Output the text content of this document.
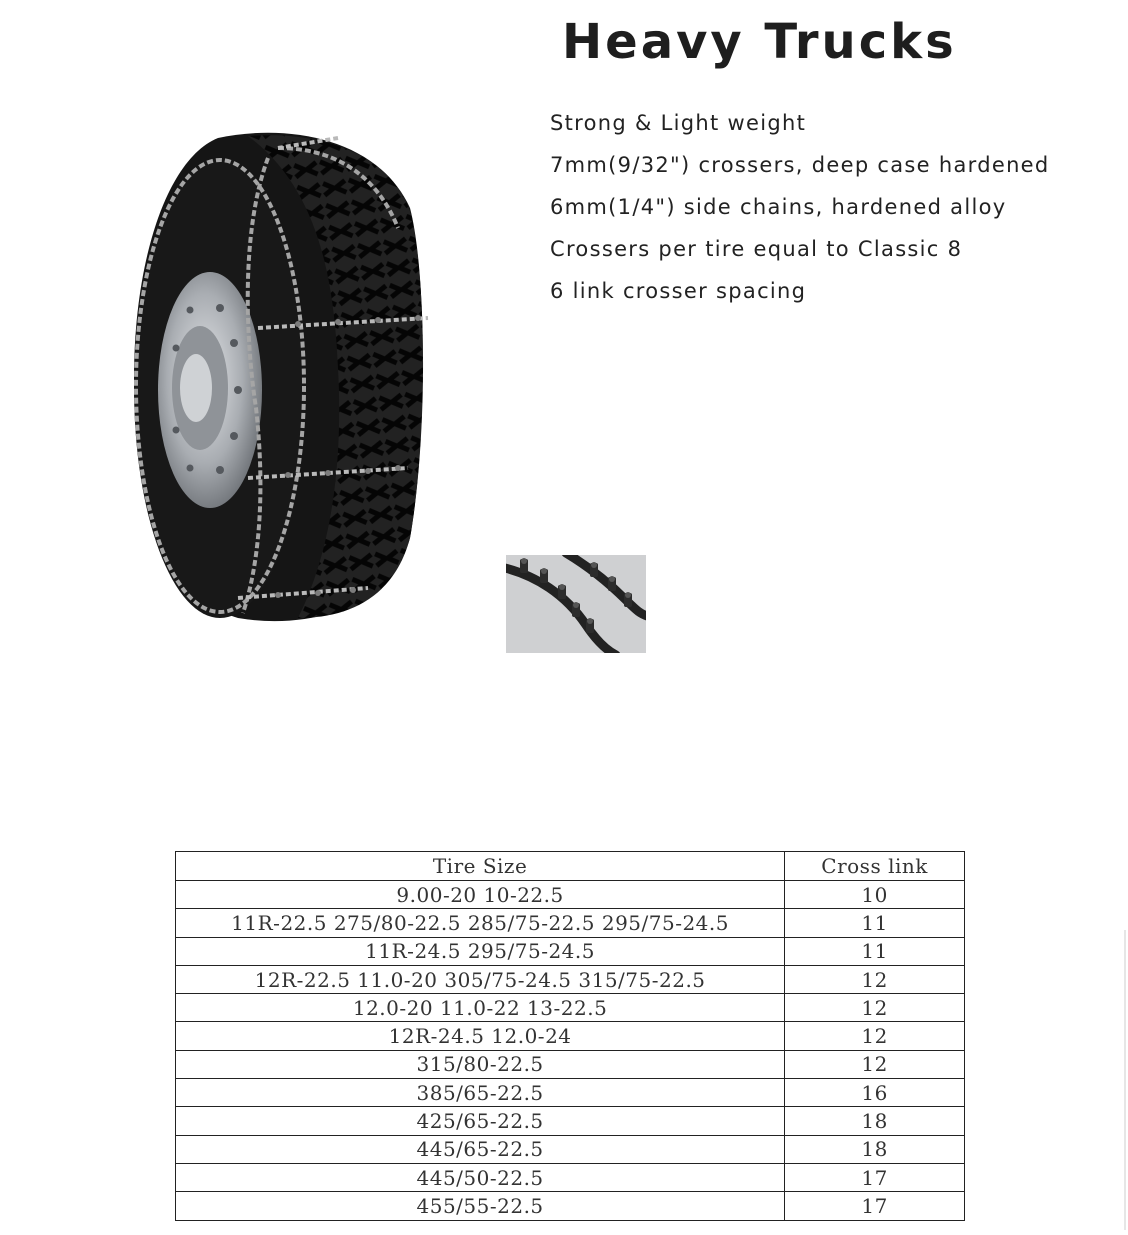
Heavy Trucks
Strong & Light weight
7mm(9/32") crossers, deep case hardened
6mm(1/4") side chains, hardened alloy
Crossers per tire equal to Classic 8
6 link crosser spacing
Tire Size	Cross link
9.00-20 10-22.5	10
11R-22.5 275/80-22.5 285/75-22.5 295/75-24.5	11
11R-24.5 295/75-24.5	11
12R-22.5 11.0-20 305/75-24.5 315/75-22.5	12
12.0-20 11.0-22 13-22.5	12
12R-24.5 12.0-24	12
315/80-22.5	12
385/65-22.5	16
425/65-22.5	18
445/65-22.5	18
445/50-22.5	17
455/55-22.5	17
